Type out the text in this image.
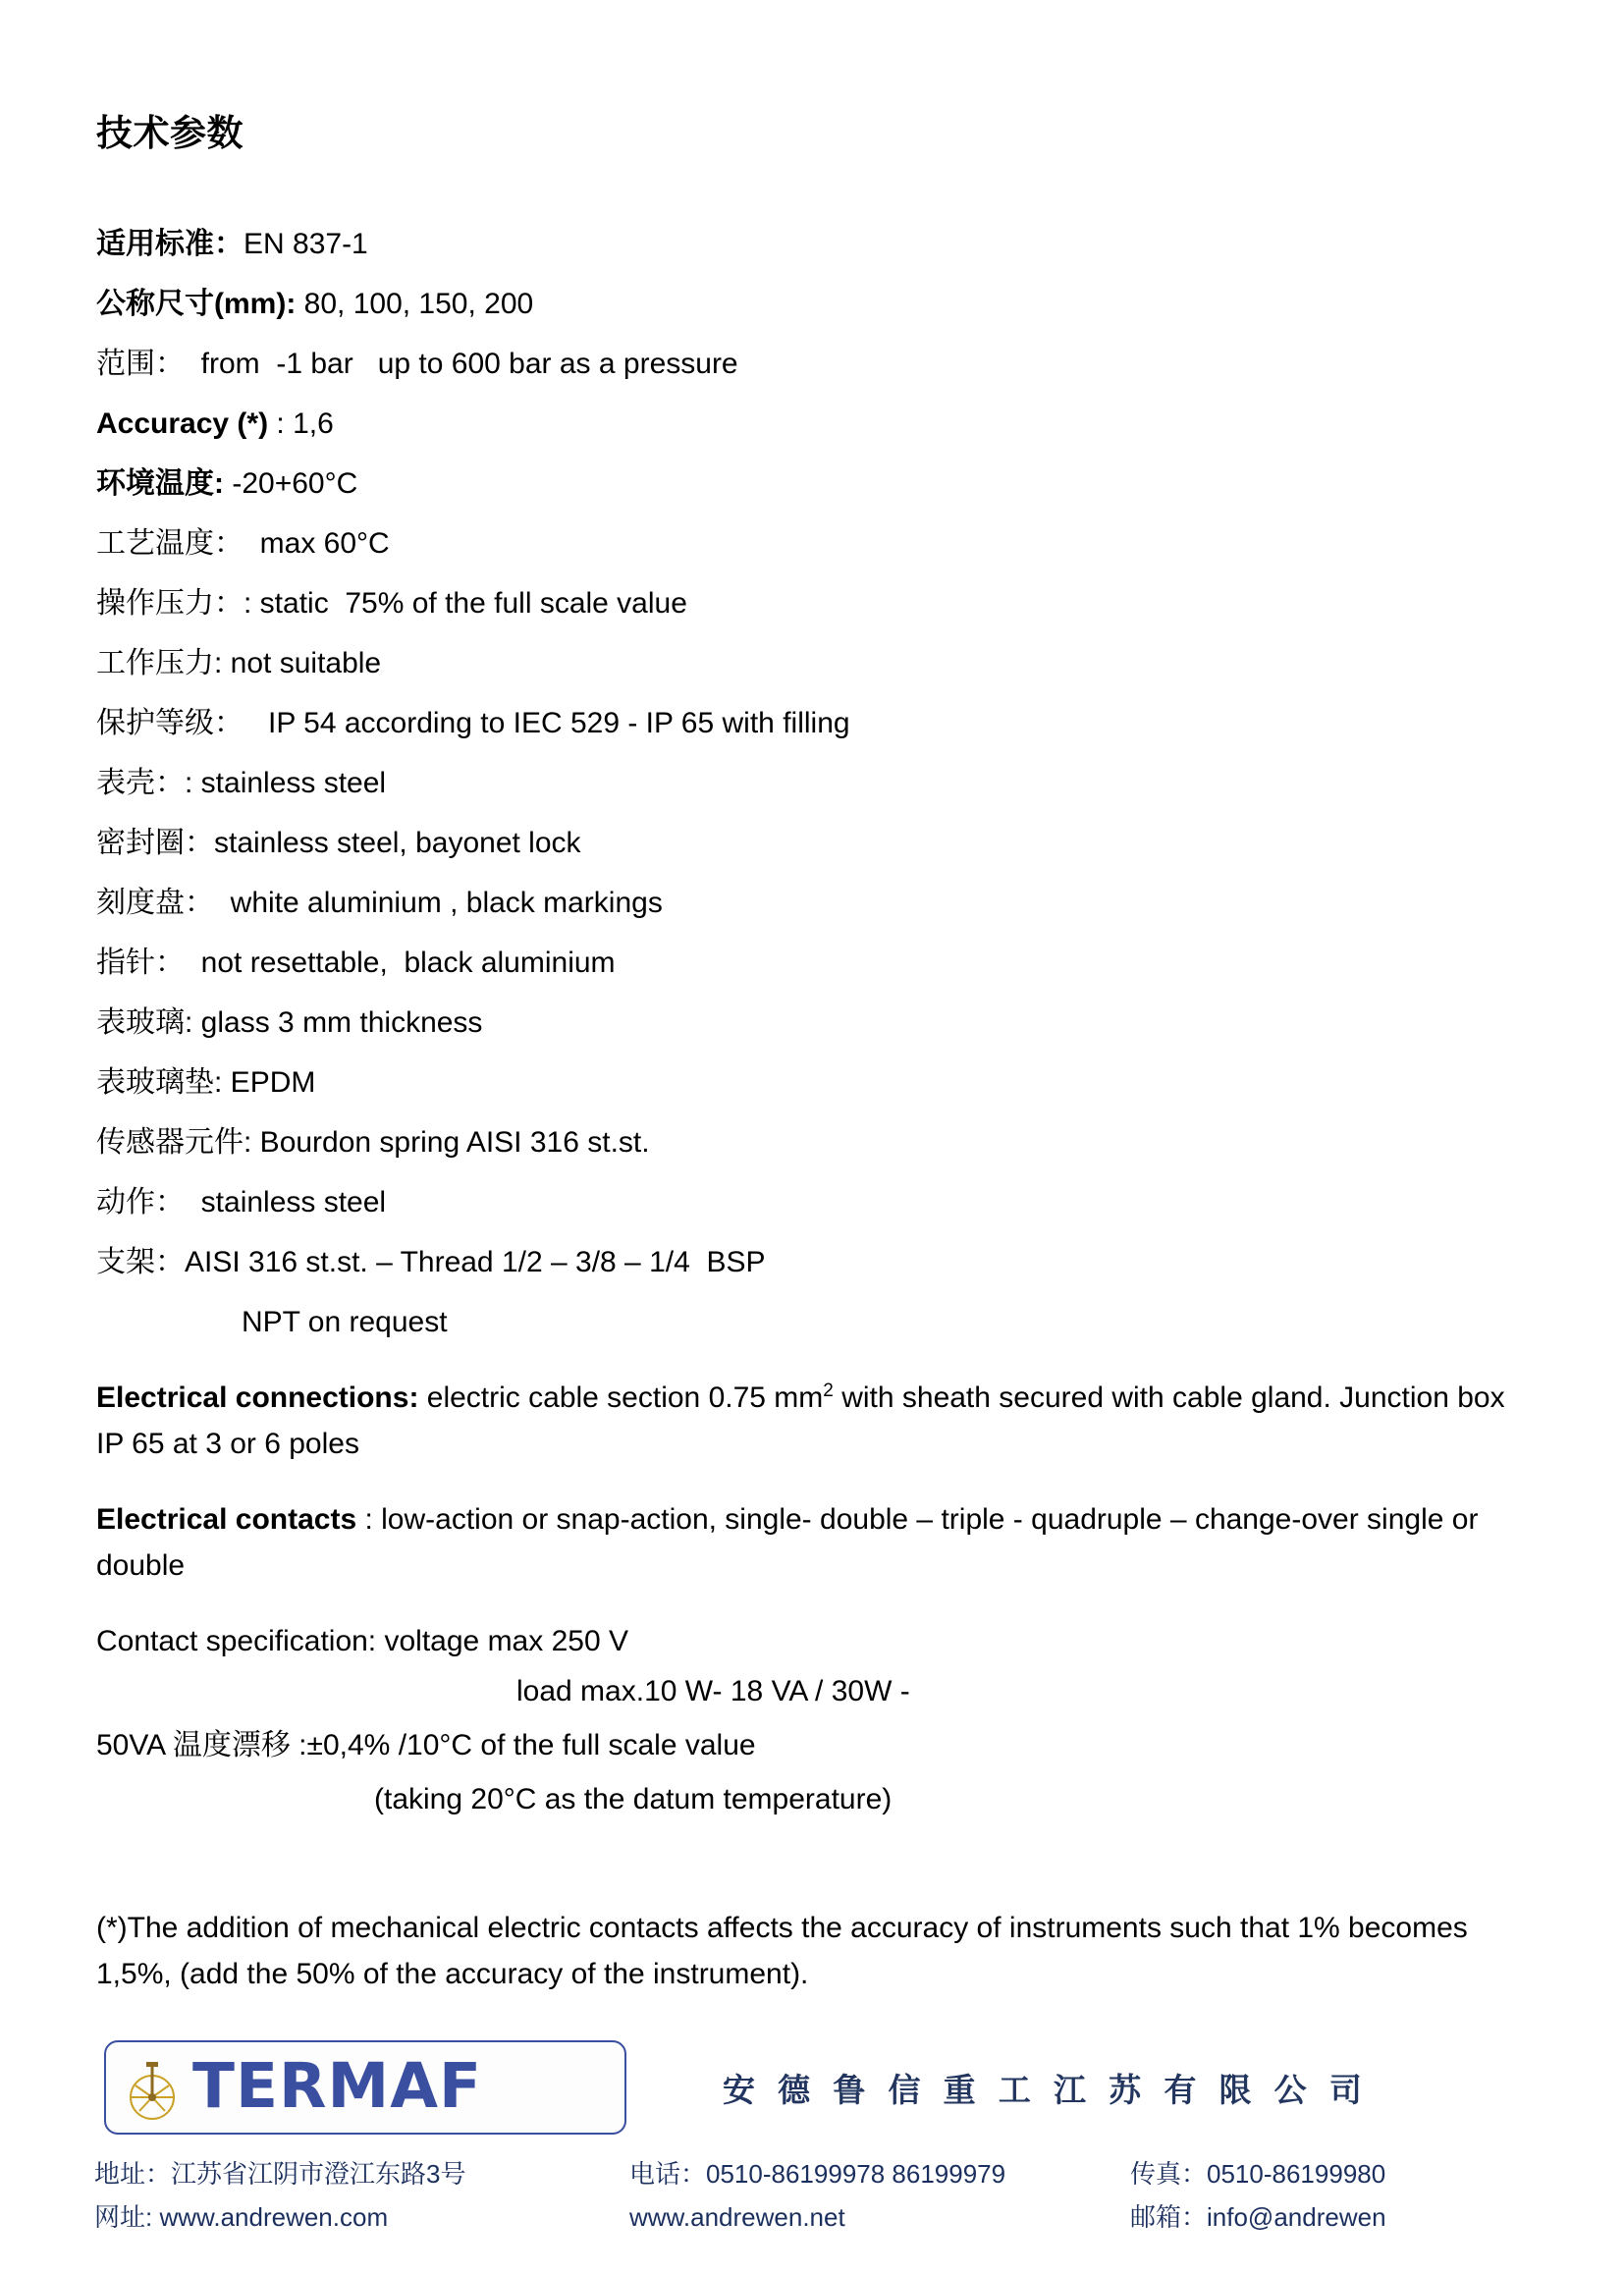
技术参数
适用标准：EN 837-1
公称尺寸(mm): 80, 100, 150, 200
范围：  from  -1 bar   up to 600 bar as a pressure
Accuracy (*) : 1,6
环境温度: -20+60°C
工艺温度：  max 60°C
操作压力：: static  75% of the full scale value
工作压力: not suitable
保护等级：   IP 54 according to IEC 529 - IP 65 with filling
表壳：: stainless steel
密封圈：stainless steel, bayonet lock
刻度盘：  white aluminium , black markings
指针：  not resettable,  black aluminium
表玻璃: glass 3 mm thickness
表玻璃垫: EPDM
传感器元件: Bourdon spring AISI 316 st.st.
动作：  stainless steel
支架：AISI 316 st.st. – Thread 1/2 – 3/8 – 1/4  BSP
NPT on request

Electrical connections: electric cable section 0.75 $mm^2$ with sheath secured with cable gland. Junction box IP 65 at 3 or 6 poles

Electrical contacts : low-action or snap-action, single- double – triple - quadruple – change-over single or double

Contact specification: voltage max 250 V
load max.10 W- 18 VA / 30W -
50VA 温度漂移 :±0,4% /10°C of the full scale value
(taking 20°C as the datum temperature)

(*)The addition of mechanical electric contacts affects the accuracy of instruments such that 1% becomes 1,5%, (add the 50% of the accuracy of the instrument).

TERMAF	安 德 鲁 信 重 工 江 苏 有 限 公 司
地址：江苏省江阴市澄江东路3号	电话：0510-86199978 86199979	传真：0510-86199980
网址: www.andrewen.com	www.andrewen.net	邮箱：info@andrewen
